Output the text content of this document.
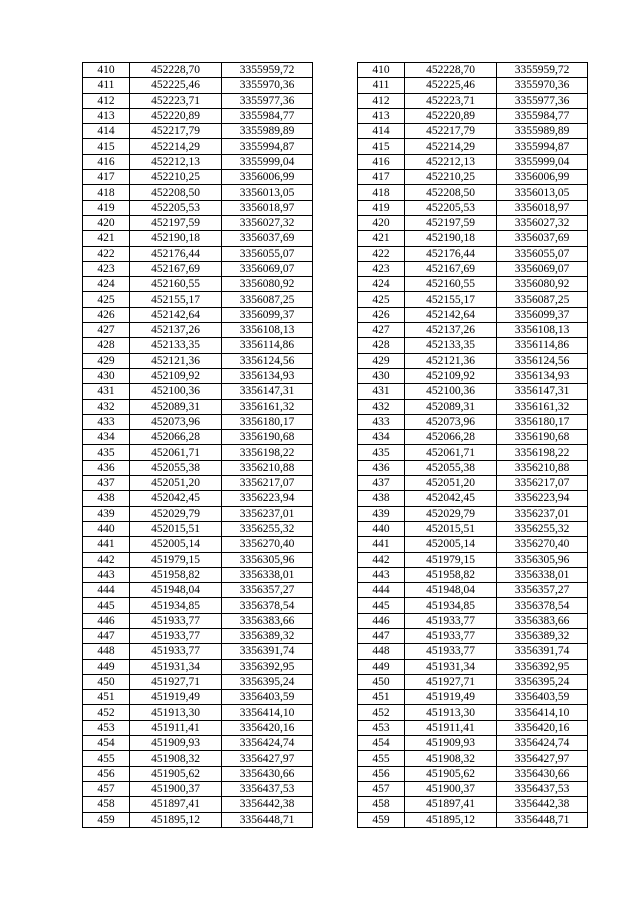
410	452228,70	3355959,72		410	452228,70	3355959,72
411	452225,46	3355970,36		411	452225,46	3355970,36
412	452223,71	3355977,36		412	452223,71	3355977,36
413	452220,89	3355984,77		413	452220,89	3355984,77
414	452217,79	3355989,89		414	452217,79	3355989,89
415	452214,29	3355994,87		415	452214,29	3355994,87
416	452212,13	3355999,04		416	452212,13	3355999,04
417	452210,25	3356006,99		417	452210,25	3356006,99
418	452208,50	3356013,05		418	452208,50	3356013,05
419	452205,53	3356018,97		419	452205,53	3356018,97
420	452197,59	3356027,32		420	452197,59	3356027,32
421	452190,18	3356037,69		421	452190,18	3356037,69
422	452176,44	3356055,07		422	452176,44	3356055,07
423	452167,69	3356069,07		423	452167,69	3356069,07
424	452160,55	3356080,92		424	452160,55	3356080,92
425	452155,17	3356087,25		425	452155,17	3356087,25
426	452142,64	3356099,37		426	452142,64	3356099,37
427	452137,26	3356108,13		427	452137,26	3356108,13
428	452133,35	3356114,86		428	452133,35	3356114,86
429	452121,36	3356124,56		429	452121,36	3356124,56
430	452109,92	3356134,93		430	452109,92	3356134,93
431	452100,36	3356147,31		431	452100,36	3356147,31
432	452089,31	3356161,32		432	452089,31	3356161,32
433	452073,96	3356180,17		433	452073,96	3356180,17
434	452066,28	3356190,68		434	452066,28	3356190,68
435	452061,71	3356198,22		435	452061,71	3356198,22
436	452055,38	3356210,88		436	452055,38	3356210,88
437	452051,20	3356217,07		437	452051,20	3356217,07
438	452042,45	3356223,94		438	452042,45	3356223,94
439	452029,79	3356237,01		439	452029,79	3356237,01
440	452015,51	3356255,32		440	452015,51	3356255,32
441	452005,14	3356270,40		441	452005,14	3356270,40
442	451979,15	3356305,96		442	451979,15	3356305,96
443	451958,82	3356338,01		443	451958,82	3356338,01
444	451948,04	3356357,27		444	451948,04	3356357,27
445	451934,85	3356378,54		445	451934,85	3356378,54
446	451933,77	3356383,66		446	451933,77	3356383,66
447	451933,77	3356389,32		447	451933,77	3356389,32
448	451933,77	3356391,74		448	451933,77	3356391,74
449	451931,34	3356392,95		449	451931,34	3356392,95
450	451927,71	3356395,24		450	451927,71	3356395,24
451	451919,49	3356403,59		451	451919,49	3356403,59
452	451913,30	3356414,10		452	451913,30	3356414,10
453	451911,41	3356420,16		453	451911,41	3356420,16
454	451909,93	3356424,74		454	451909,93	3356424,74
455	451908,32	3356427,97		455	451908,32	3356427,97
456	451905,62	3356430,66		456	451905,62	3356430,66
457	451900,37	3356437,53		457	451900,37	3356437,53
458	451897,41	3356442,38		458	451897,41	3356442,38
459	451895,12	3356448,71		459	451895,12	3356448,71
